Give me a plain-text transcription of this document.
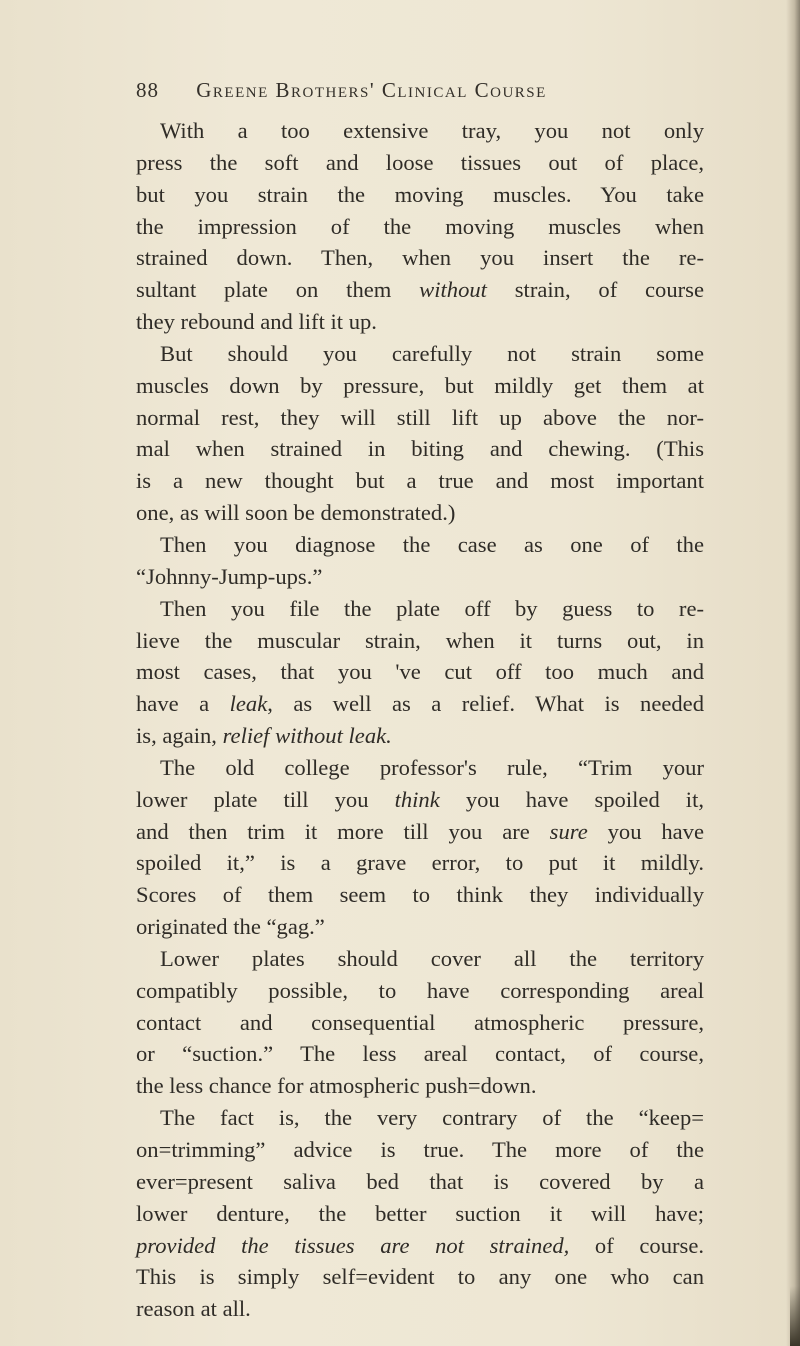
88 Greene Brothers' Clinical Course
With a too extensive tray, you not only
press the soft and loose tissues out of place,
but you strain the moving muscles. You take
the impression of the moving muscles when
strained down. Then, when you insert the re-
sultant plate on them without strain, of course
they rebound and lift it up.
But should you carefully not strain some
muscles down by pressure, but mildly get them at
normal rest, they will still lift up above the nor-
mal when strained in biting and chewing. (This
is a new thought but a true and most important
one, as will soon be demonstrated.)
Then you diagnose the case as one of the
“Johnny-Jump-ups.”
Then you file the plate off by guess to re-
lieve the muscular strain, when it turns out, in
most cases, that you 've cut off too much and
have a leak, as well as a relief. What is needed
is, again, relief without leak.
The old college professor's rule, “Trim your
lower plate till you think you have spoiled it,
and then trim it more till you are sure you have
spoiled it,” is a grave error, to put it mildly.
Scores of them seem to think they individually
originated the “gag.”
Lower plates should cover all the territory
compatibly possible, to have corresponding areal
contact and consequential atmospheric pressure,
or “suction.” The less areal contact, of course,
the less chance for atmospheric push=down.
The fact is, the very contrary of the “keep=
on=trimming” advice is true. The more of the
ever=present saliva bed that is covered by a
lower denture, the better suction it will have;
provided the tissues are not strained, of course.
This is simply self=evident to any one who can
reason at all.
